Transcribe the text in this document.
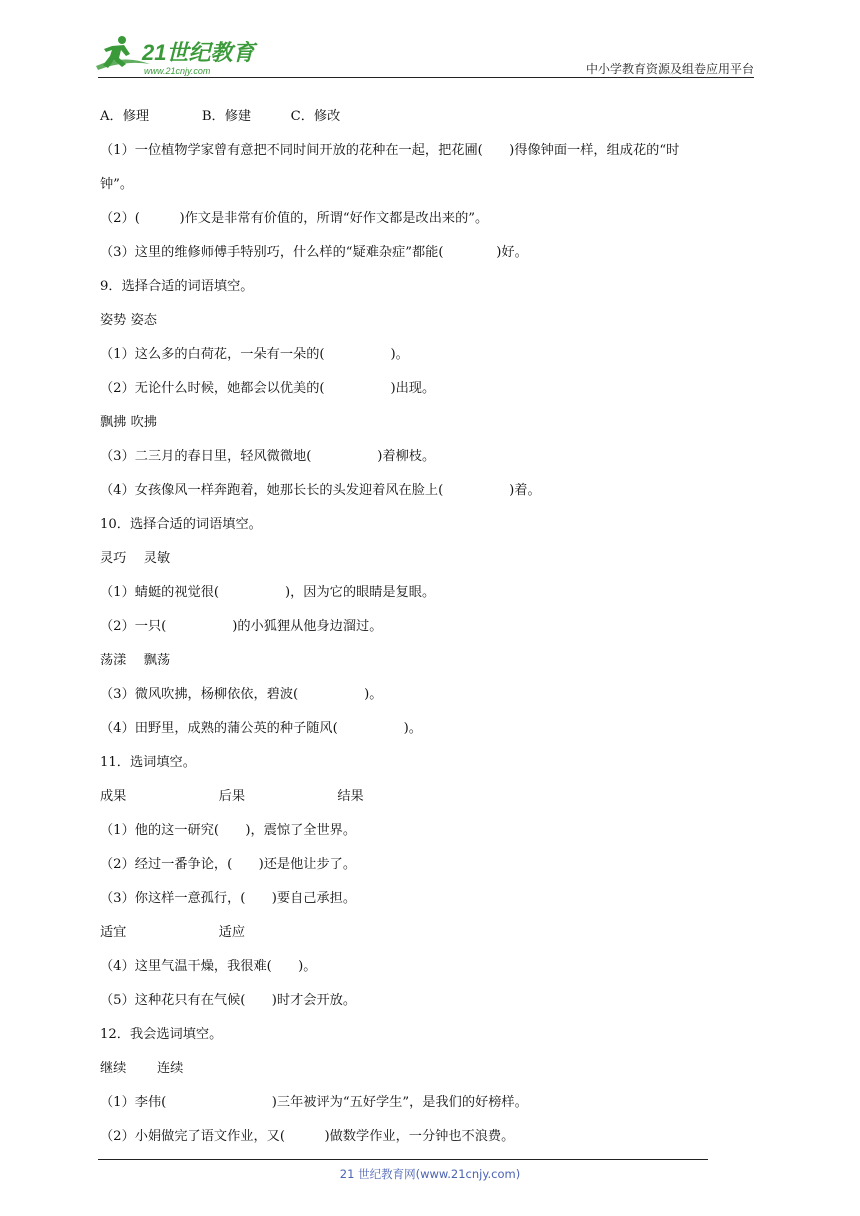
21世纪教育
www.21cnjy.com	中小学教育资源及组卷应用平台
A．修理　　　　B．修建　　　C．修改
（1）一位植物学家曾有意把不同时间开放的花种在一起，把花圃(　　)得像钟面一样，组成花的“时
钟”。
（2）(　　　)作文是非常有价值的，所谓“好作文都是改出来的”。
（3）这里的维修师傅手特别巧，什么样的“疑难杂症”都能(　　　　)好。
9．选择合适的词语填空。
姿势 姿态
（1）这么多的白荷花，一朵有一朵的(　　　　　)。
（2）无论什么时候，她都会以优美的(　　　　　)出现。
飘拂 吹拂
（3）二三月的春日里，轻风微微地(　　　　　)着柳枝。
（4）女孩像风一样奔跑着，她那长长的头发迎着风在脸上(　　　　　)着。
10．选择合适的词语填空。
灵巧　 灵敏
（1）蜻蜓的视觉很(　　　　　)，因为它的眼睛是复眼。
（2）一只(　　　　　)的小狐狸从他身边溜过。
荡漾　 飘荡
（3）微风吹拂，杨柳依依，碧波(　　　　　)。
（4）田野里，成熟的蒲公英的种子随风(　　　　　)。
11．选词填空。
成果　　　　　　　后果　　　　　　　结果
（1）他的这一研究(　　)，震惊了全世界。
（2）经过一番争论，(　　)还是他让步了。
（3）你这样一意孤行，(　　)要自己承担。
适宜　　　　　　　适应
（4）这里气温干燥，我很难(　　)。
（5）这种花只有在气候(　　)时才会开放。
12．我会选词填空。
继续　　 连续
（1）李伟(　　　　　　　　)三年被评为“五好学生”，是我们的好榜样。
（2）小娟做完了语文作业，又(　　　)做数学作业，一分钟也不浪费。
21 世纪教育网(www.21cnjy.com)
